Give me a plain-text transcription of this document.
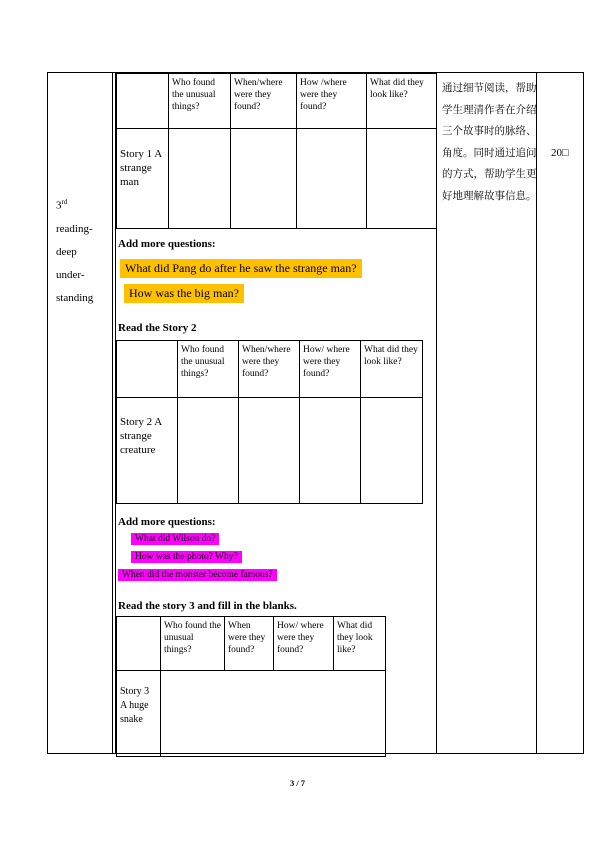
3rd
reading-
deep
under-
standing
	Who found the unusual things?	When/where were they found?	How /where were they found?	What did they look like?
Story 1 A strange man				
Add more questions:
What did Pang do after he saw the strange man?
How was the big man?
Read the Story 2
	Who found the unusual things?	When/where were they found?	How/ where were they found?	What did they look like?
Story 2 A strange creature				
Add more questions:
What did Wilson do?
How was the photo? Why?
When did the monster become famous?
Read the story 3 and fill in the blanks.
	Who found the unusual things?	When were they found?	How/ where were they found?	What did they look like?
Story 3 A huge snake				
通过细节阅读，帮助学生理清作者在介绍三个故事时的脉络、角度。同时通过追问的方式，帮助学生更好地理解故事信息。
20□
3 / 7
